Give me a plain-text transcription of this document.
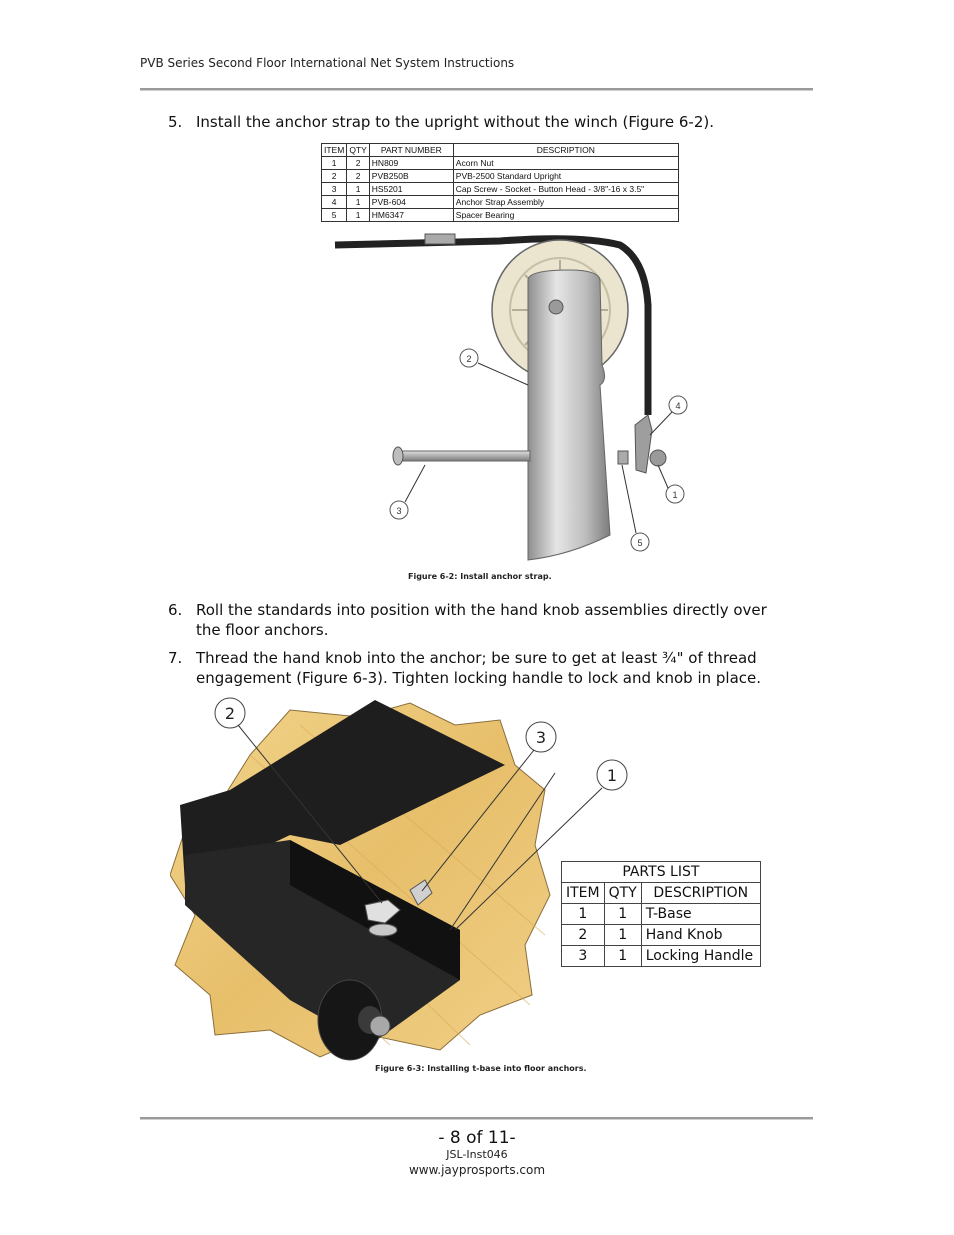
PVB Series Second Floor International Net System Instructions
5. Install the anchor strap to the upright without the winch (Figure 6-2).
ITEM	QTY	PART NUMBER	DESCRIPTION
1	2	HN809	Acorn Nut
2	2	PVB250B	PVB-2500 Standard Upright
3	1	HS5201	Cap Screw - Socket - Button Head - 3/8"-16 x 3.5"
4	1	PVB-604	Anchor Strap Assembly
5	1	HM6347	Spacer Bearing
2
4
1
3
5
Figure 6-2: Install anchor strap.
6. Roll the standards into position with the hand knob assemblies directly over the floor anchors.
7. Thread the hand knob into the anchor; be sure to get at least ¾" of thread engagement (Figure 6-3). Tighten locking handle to lock and knob in place.
2
3
1
PARTS LIST		
ITEM	QTY	DESCRIPTION
1	1	T-Base
2	1	Hand Knob
3	1	Locking Handle
Figure 6-3: Installing t-base into floor anchors.
- 8 of 11-
JSL-Inst046
www.jayprosports.com
